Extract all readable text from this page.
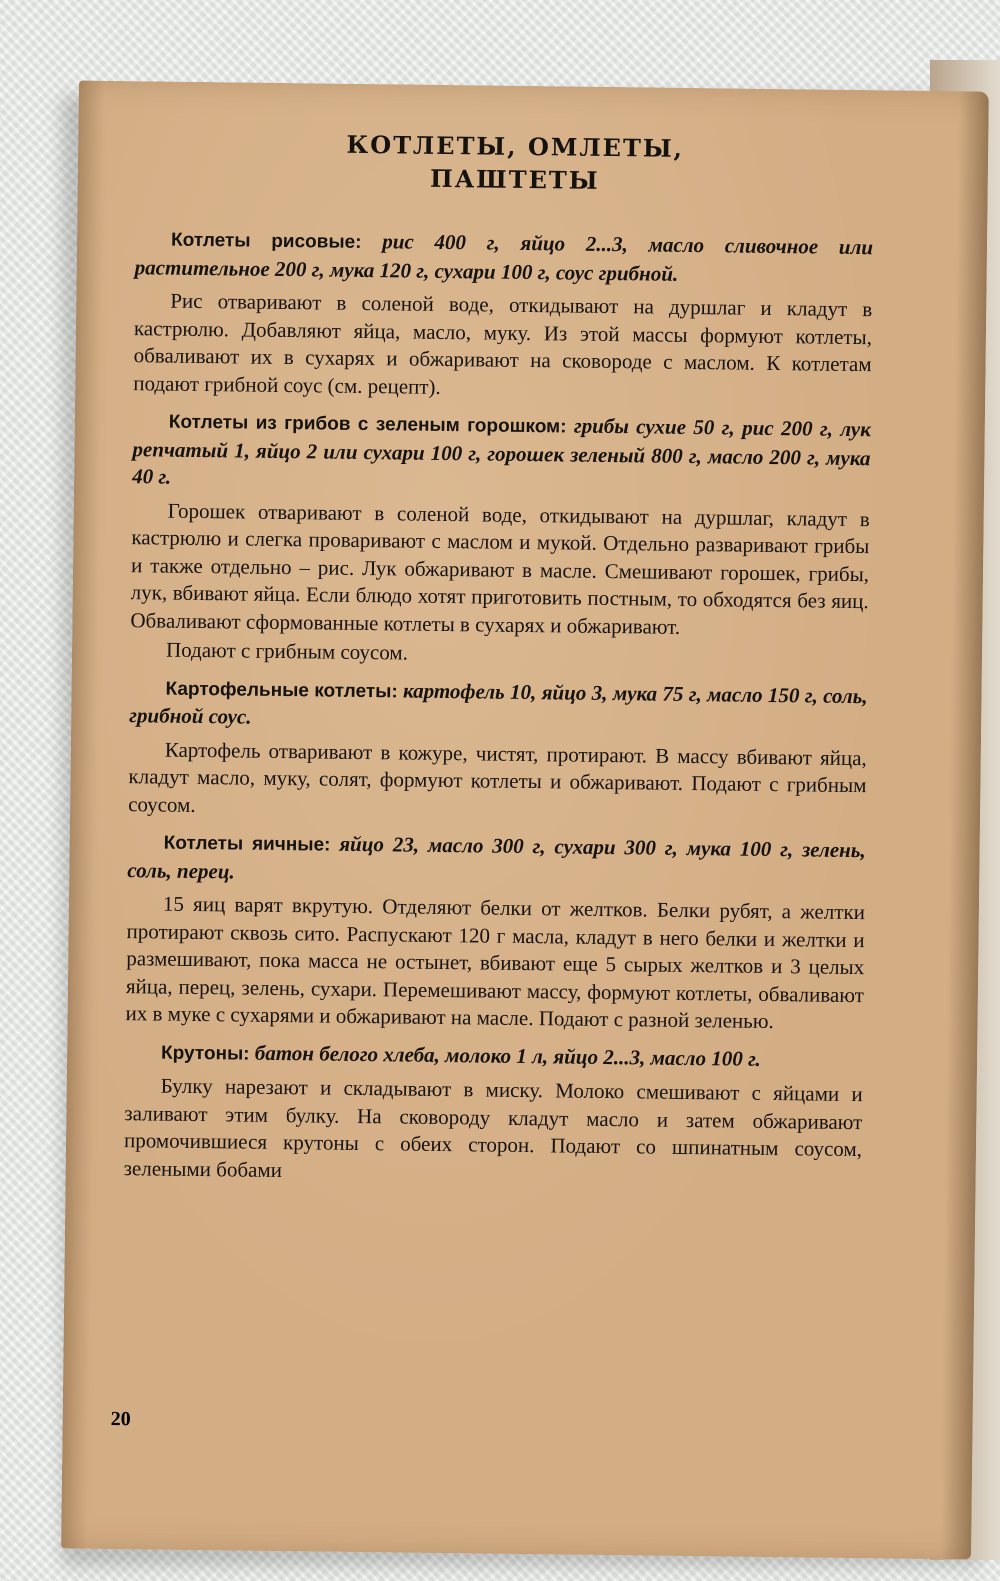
КОТЛЕТЫ, ОМЛЕТЫ,
ПАШТЕТЫ

Котлеты рисовые: рис 400 г, яйцо 2...3, масло сливочное или растительное 200 г, мука 120 г, сухари 100 г, соус грибной.

Рис отваривают в соленой воде, откидывают на дуршлаг и кладут в кастрюлю. Добавляют яйца, масло, муку. Из этой массы формуют котлеты, обваливают их в сухарях и обжаривают на сковороде с маслом. К котлетам подают грибной соус (см. рецепт).

Котлеты из грибов с зеленым горошком: грибы сухие 50 г, рис 200 г, лук репчатый 1, яйцо 2 или сухари 100 г, горошек зеленый 800 г, масло 200 г, мука 40 г.

Горошек отваривают в соленой воде, откидывают на дуршлаг, кладут в кастрюлю и слегка проваривают с маслом и мукой. Отдельно разваривают грибы и также отдельно – рис. Лук обжаривают в масле. Смешивают горошек, грибы, лук, вбивают яйца. Если блюдо хотят приготовить постным, то обходятся без яиц. Обваливают сформованные котлеты в сухарях и обжаривают.

Подают с грибным соусом.

Картофельные котлеты: картофель 10, яйцо 3, мука 75 г, масло 150 г, соль, грибной соус.

Картофель отваривают в кожуре, чистят, протирают. В массу вбивают яйца, кладут масло, муку, солят, формуют котлеты и обжаривают. Подают с грибным соусом.

Котлеты яичные: яйцо 23, масло 300 г, сухари 300 г, мука 100 г, зелень, соль, перец.

15 яиц варят вкрутую. Отделяют белки от желтков. Белки рубят, а желтки протирают сквозь сито. Распускают 120 г масла, кладут в него белки и желтки и размешивают, пока масса не остынет, вбивают еще 5 сырых желтков и 3 целых яйца, перец, зелень, сухари. Перемешивают массу, формуют котлеты, обваливают их в муке с сухарями и обжаривают на масле. Подают с разной зеленью.

Крутоны: батон белого хлеба, молоко 1 л, яйцо 2...3, масло 100 г.

Булку нарезают и складывают в миску. Молоко смешивают с яйцами и заливают этим булку. На сковороду кладут масло и затем обжаривают промочившиеся крутоны с обеих сторон. Подают со шпинатным соусом, зелеными бобами

20
